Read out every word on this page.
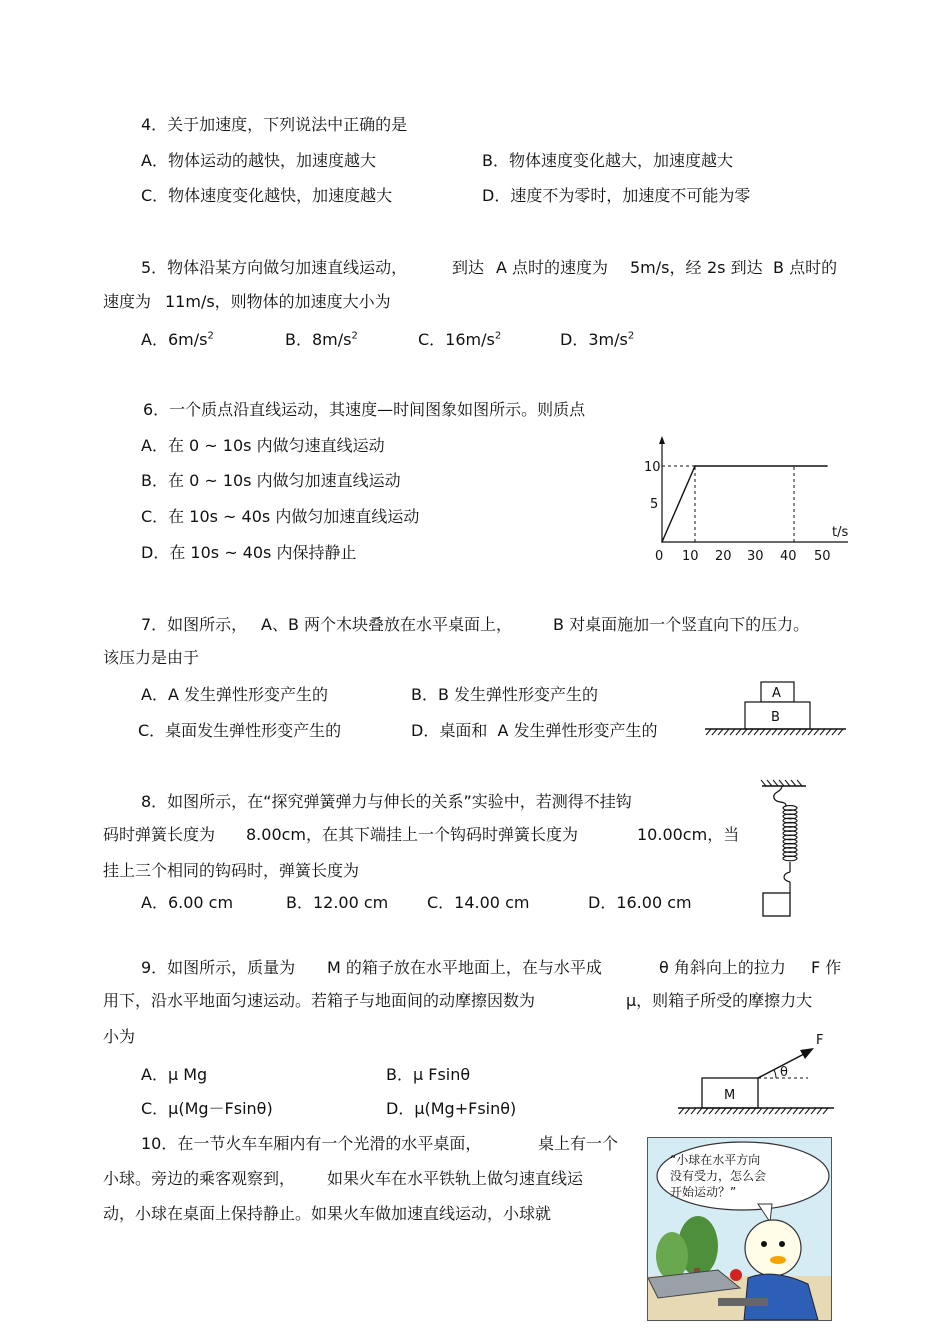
4．关于加速度，下列说法中正确的是
A．物体运动的越快，加速度越大	B．物体速度变化越大，加速度越大
C．物体速度变化越快，加速度越大	D．速度不为零时，加速度不可能为零
5．物体沿某方向做匀加速直线运动，	到达 A 点时的速度为 5m/s，经 2s 到达 B 点时的
速度为 11m/s，则物体的加速度大小为
A．$6m/s^2$	B．$8m/s^2$	C．$16m/s^2$	D．$3m/s^2$
6．一个质点沿直线运动，其速度—时间图象如图所示。则质点
A．在 0 ~ 10s 内做匀速直线运动
B．在 0 ~ 10s 内做匀加速直线运动
C．在 10s ~ 40s 内做匀加速直线运动
D．在 10s ~ 40s 内保持静止
10
5
t/s
0 10 20 30 40 50
7．如图所示， A、B 两个木块叠放在水平桌面上，	B 对桌面施加一个竖直向下的压力。
该压力是由于
A．A 发生弹性形变产生的	B．B 发生弹性形变产生的
C．桌面发生弹性形变产生的	D．桌面和 A 发生弹性形变产生的
A
B
8．如图所示，在“探究弹簧弹力与伸长的关系”实验中，若测得不挂钩
码时弹簧长度为 8.00cm，在其下端挂上一个钩码时弹簧长度为	10.00cm，当
挂上三个相同的钩码时，弹簧长度为
A．6.00 cm	B．12.00 cm C．14.00 cm	D．16.00 cm
9．如图所示，质量为 M 的箱子放在水平地面上，在与水平成	θ 角斜向上的拉力 F 作
用下，沿水平地面匀速运动。若箱子与地面间的动摩擦因数为	μ，则箱子所受的摩擦力大
小为
A．μ Mg	B．μ Fsinθ
C．μ(Mg－Fsinθ)	D．μ(Mg+Fsinθ)
M
F
θ
10．在一节火车车厢内有一个光滑的水平桌面，	桌上有一个
小球。旁边的乘客观察到， 如果火车在水平铁轨上做匀速直线运
动，小球在桌面上保持静止。如果火车做加速直线运动，小球就
“小球在水平方向
没有受力，怎么会
开始运动？”
